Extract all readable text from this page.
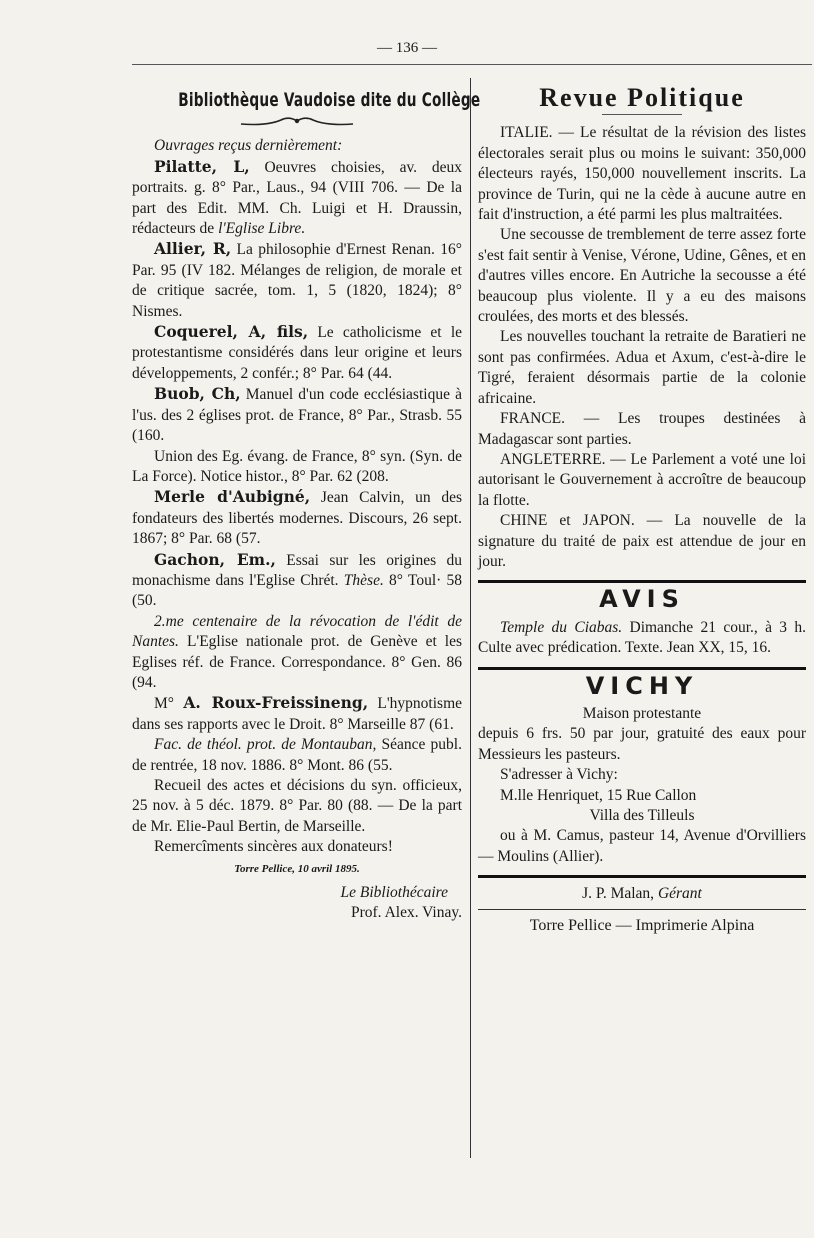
— 136 —
Bibliothèque Vaudoise dite du Collège

Ouvrages reçus dernièrement:

Pilatte, L, Oeuvres choisies, av. deux portraits. g. 8° Par., Laus., 94 (VIII 706. — De la part des Edit. MM. Ch. Luigi et H. Draussin, rédacteurs de l'Eglise Libre.

Allier, R, La philosophie d'Ernest Renan. 16° Par. 95 (IV 182. Mélanges de religion, de morale et de critique sacrée, tom. 1, 5 (1820, 1824); 8° Nismes.

Coquerel, A, fils, Le catholicisme et le protestantisme considérés dans leur origine et leurs développements, 2 confér.; 8° Par. 64 (44.

Buob, Ch, Manuel d'un code ecclésiastique à l'us. des 2 églises prot. de France, 8° Par., Strasb. 55 (160.

Union des Eg. évang. de France, 8° syn. (Syn. de La Force). Notice histor., 8° Par. 62 (208.

Merle d'Aubigné, Jean Calvin, un des fondateurs des libertés modernes. Discours, 26 sept. 1867; 8° Par. 68 (57.

Gachon, Em., Essai sur les origines du monachisme dans l'Eglise Chrét. Thèse. 8° Toul· 58 (50.

2.me centenaire de la révocation de l'édit de Nantes. L'Eglise nationale prot. de Genève et les Eglises réf. de France. Correspondance. 8° Gen. 86 (94.

M° A. Roux-Freissineng, L'hypnotisme dans ses rapports avec le Droit. 8° Marseille 87 (61.

Fac. de théol. prot. de Montauban, Séance publ. de rentrée, 18 nov. 1886. 8° Mont. 86 (55.

Recueil des actes et décisions du syn. officieux, 25 nov. à 5 déc. 1879. 8° Par. 80 (88. — De la part de Mr. Elie-Paul Bertin, de Marseille.

Remercîments sincères aux donateurs!

Torre Pellice, 10 avril 1895.

Le Bibliothécaire

Prof. Alex. Vinay.

Revue Politique

ITALIE. — Le résultat de la révision des listes électorales serait plus ou moins le suivant: 350,000 électeurs rayés, 150,000 nouvellement inscrits. La province de Turin, qui ne la cède à aucune autre en fait d'instruction, a été parmi les plus maltraitées.

Une secousse de tremblement de terre assez forte s'est fait sentir à Venise, Vérone, Udine, Gênes, et en d'autres villes encore. En Autriche la secousse a été beaucoup plus violente. Il y a eu des maisons croulées, des morts et des blessés.

Les nouvelles touchant la retraite de Baratieri ne sont pas confirmées. Adua et Axum, c'est-à-dire le Tigré, feraient désormais partie de la colonie africaine.

FRANCE. — Les troupes destinées à Madagascar sont parties.

ANGLETERRE. — Le Parlement a voté une loi autorisant le Gouvernement à accroître de beaucoup la flotte.

CHINE et JAPON. — La nouvelle de la signature du traité de paix est attendue de jour en jour.

AVIS

Temple du Ciabas. Dimanche 21 cour., à 3 h. Culte avec prédication. Texte. Jean XX, 15, 16.

VICHY

Maison protestante

depuis 6 frs. 50 par jour, gratuité des eaux pour Messieurs les pasteurs.

S'adresser à Vichy:

M.lle Henriquet, 15 Rue Callon

Villa des Tilleuls

ou à M. Camus, pasteur 14, Avenue d'Orvilliers — Moulins (Allier).

J. P. Malan, Gérant

Torre Pellice — Imprimerie Alpina
